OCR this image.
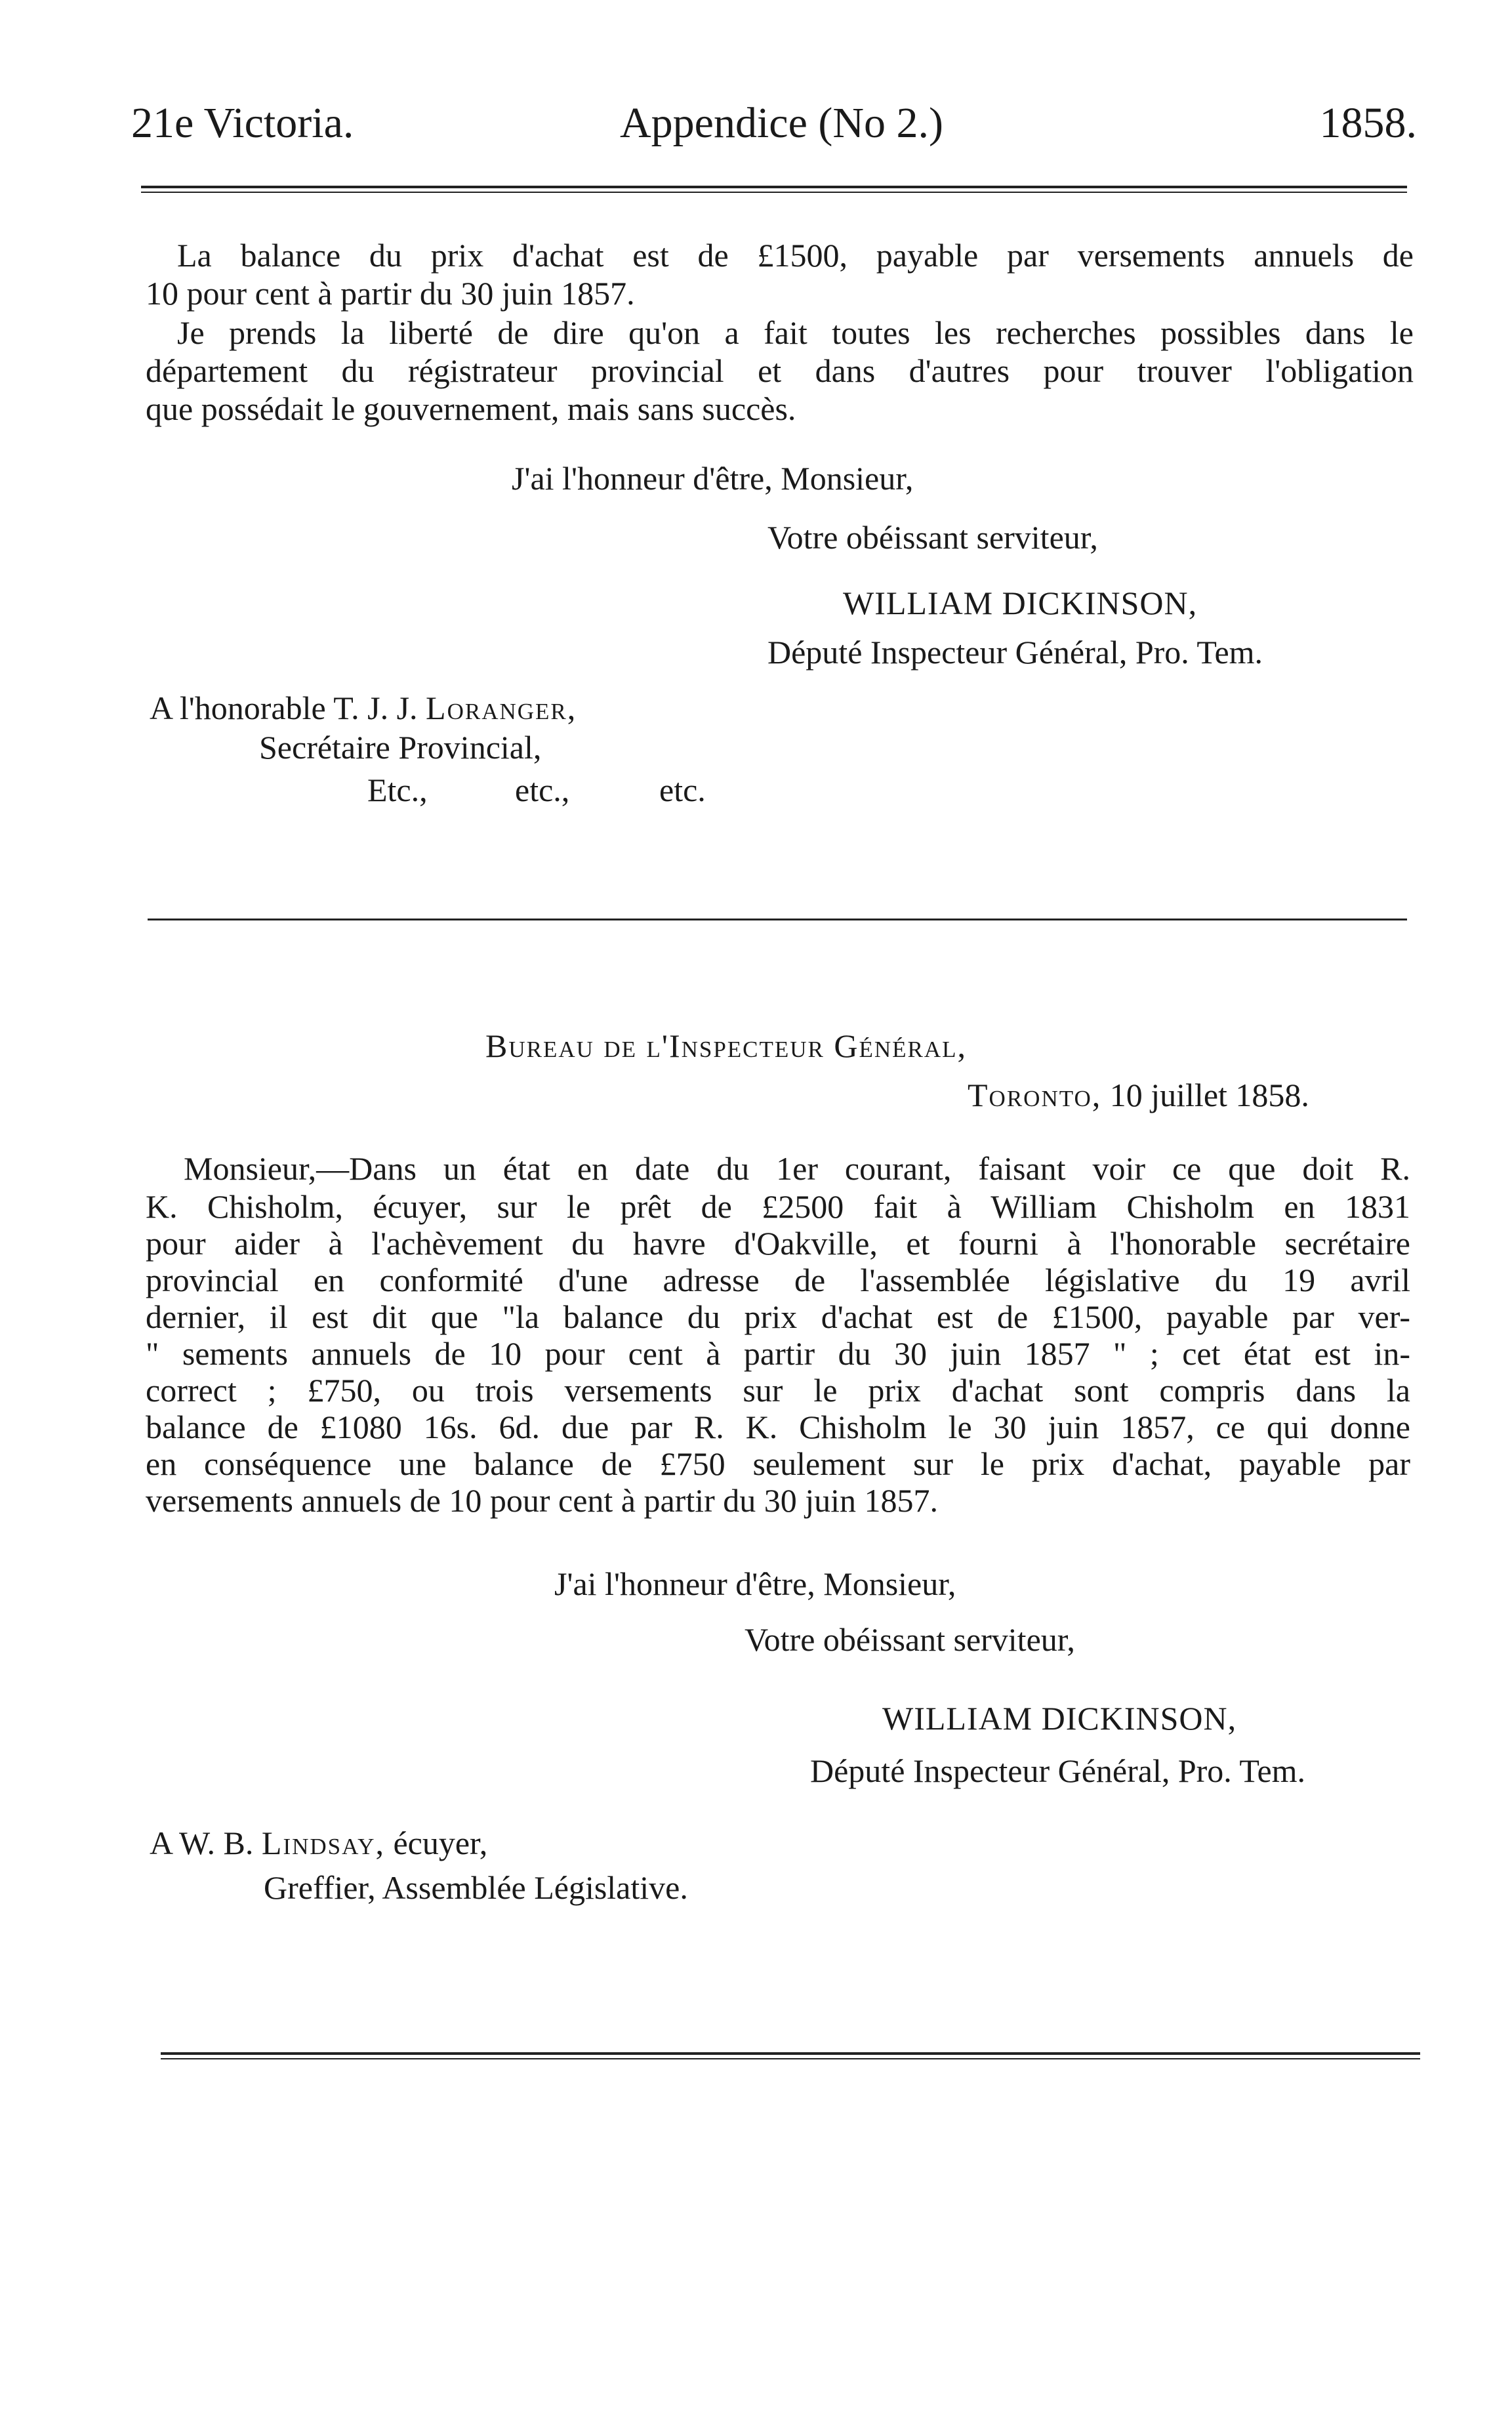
21e Victoria.	Appendice (No 2.)	1858.
La balance du prix d'achat est de £1500, payable par versements annuels de
10 pour cent à partir du 30 juin 1857.
Je prends la liberté de dire qu'on a fait toutes les recherches possibles dans le
département du régistrateur provincial et dans d'autres pour trouver l'obligation
que possédait le gouvernement, mais sans succès.
J'ai l'honneur d'être, Monsieur,
Votre obéissant serviteur,
WILLIAM DICKINSON,
Député Inspecteur Général, Pro. Tem.
A l'honorable T. J. J. Loranger,
Secrétaire Provincial,
Etc.,	etc.,	etc.
Bureau de l'Inspecteur Général,
Toronto, 10 juillet 1858.
Monsieur,—Dans un état en date du 1er courant, faisant voir ce que doit R.
K. Chisholm, écuyer, sur le prêt de £2500 fait à William Chisholm en 1831
pour aider à l'achèvement du havre d'Oakville, et fourni à l'honorable secrétaire
provincial en conformité d'une adresse de l'assemblée législative du 19 avril
dernier, il est dit que "la balance du prix d'achat est de £1500, payable par ver-
" sements annuels de 10 pour cent à partir du 30 juin 1857 " ; cet état est in-
correct ; £750, ou trois versements sur le prix d'achat sont compris dans la
balance de £1080 16s. 6d. due par R. K. Chisholm le 30 juin 1857, ce qui donne
en conséquence une balance de £750 seulement sur le prix d'achat, payable par
versements annuels de 10 pour cent à partir du 30 juin 1857.
J'ai l'honneur d'être, Monsieur,
Votre obéissant serviteur,
WILLIAM DICKINSON,
Député Inspecteur Général, Pro. Tem.
A W. B. Lindsay, écuyer,
Greffier, Assemblée Législative.
